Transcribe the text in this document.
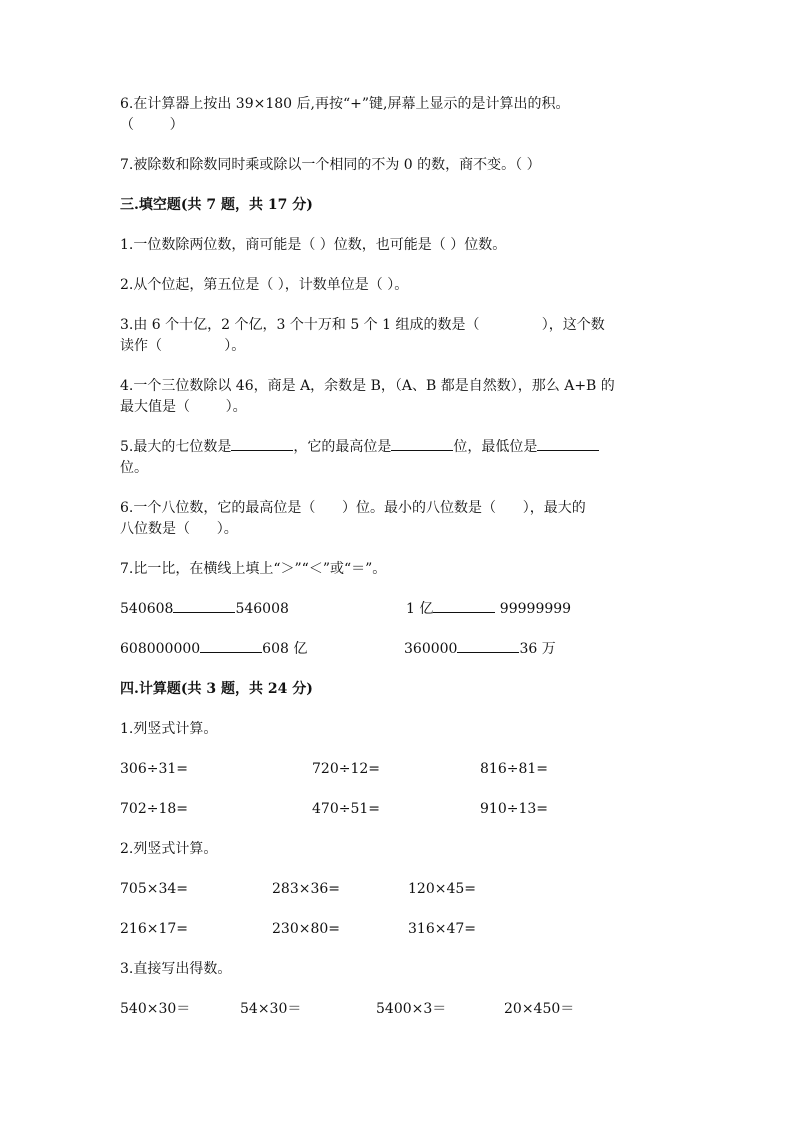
6.在计算器上按出 39×180 后,再按“+”键,屏幕上显示的是计算出的积。
（        ）
7.被除数和除数同时乘或除以一个相同的不为 0 的数，商不变。（ ）
三.填空题(共 7 题，共 17 分)
1.一位数除两位数，商可能是（ ）位数，也可能是（ ）位数。
2.从个位起，第五位是（ ），计数单位是（ ）。
3.由 6 个十亿，2 个亿，3 个十万和 5 个 1 组成的数是（              ），这个数
读作（              ）。
4.一个三位数除以 46，商是 A，余数是 B，（A、B 都是自然数），那么 A+B 的
最大值是（        ）。
5.最大的七位数是	，它的最高位是	位，最低位是
位。
6.一个八位数，它的最高位是（      ）位。最小的八位数是（      ），最大的
八位数是（      ）。
7.比一比，在横线上填上“＞”“＜”或“＝”。
540608	546008	1 亿	99999999
608000000	608 亿	360000	36 万
四.计算题(共 3 题，共 24 分)
1.列竖式计算。
306÷31=	720÷12=	816÷81=
702÷18=	470÷51=	910÷13=
2.列竖式计算。
705×34=	283×36=	120×45=
216×17=	230×80=	316×47=
3.直接写出得数。
540×30＝	54×30＝	5400×3＝	20×450＝
